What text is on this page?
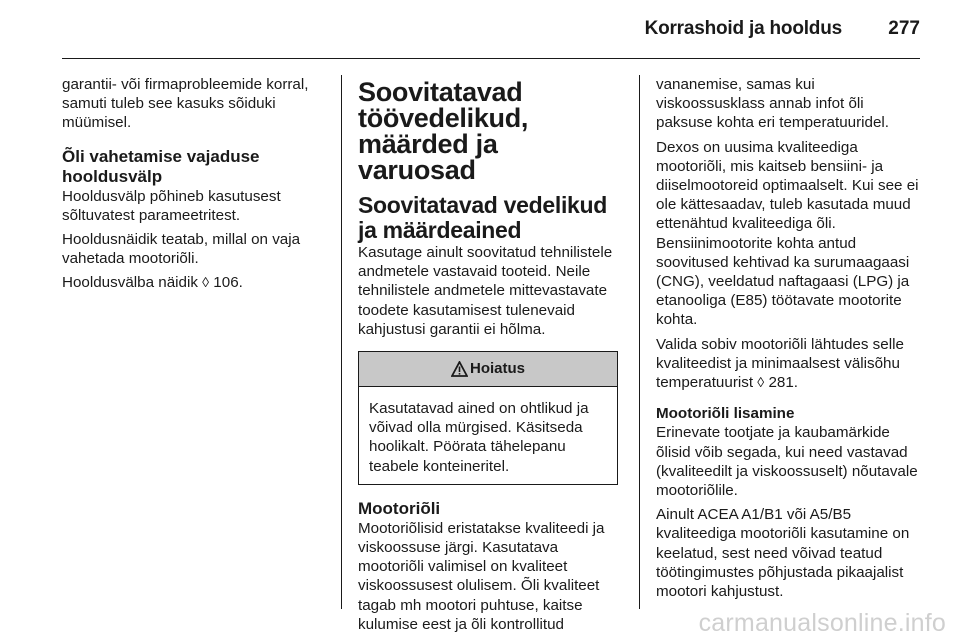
Korrashoid ja hooldus 277

garantii- või firmaprobleemide korral, samuti tuleb see kasuks sõiduki müümisel.

Õli vahetamise vajaduse hooldusvälp

Hooldusvälp põhineb kasutusest sõltuvatest parameetritest.

Hooldusnäidik teatab, millal on vaja vahetada mootoriõli.

Hooldusvälba näidik ◊ 106.

Soovitatavad töövedelikud, määrded ja varuosad
Soovitatavad vedelikud ja määrdeained

Kasutage ainult soovitatud tehnilistele andmetele vastavaid tooteid. Neile tehnilistele andmetele mittevastavate toodete kasutamisest tulenevaid kahjustusi garantii ei hõlma.

Hoiatus
Kasutatavad ained on ohtlikud ja võivad olla mürgised. Käsitseda hoolikalt. Pöörata tähelepanu teabele konteineritel.
Mootoriõli

Mootoriõlisid eristatakse kvaliteedi ja viskoossuse järgi. Kasutatava mootoriõli valimisel on kvaliteet viskoossusest olulisem. Õli kvaliteet tagab mh mootori puhtuse, kaitse kulumise eest ja õli kontrollitud

vananemise, samas kui viskoossusklass annab infot õli paksuse kohta eri temperatuuridel.

Dexos on uusima kvaliteediga mootoriõli, mis kaitseb bensiini- ja diiselmootoreid optimaalselt. Kui see ei ole kättesaadav, tuleb kasutada muud ettenähtud kvaliteediga õli. Bensiinimootorite kohta antud soovitused kehtivad ka surumaagaasi (CNG), veeldatud naftagaasi (LPG) ja etanooliga (E85) töötavate mootorite kohta.

Valida sobiv mootoriõli lähtudes selle kvaliteedist ja minimaalsest välisõhu temperatuurist ◊ 281.

Mootoriõli lisamine

Erinevate tootjate ja kaubamärkide õlisid võib segada, kui need vastavad (kvaliteedilt ja viskoossuselt) nõutavale mootoriõlile.

Ainult ACEA A1/B1 või A5/B5 kvaliteediga mootoriõli kasutamine on keelatud, sest need võivad teatud töötingimustes põhjustada pikaajalist mootori kahjustust.

carmanualsonline.info
